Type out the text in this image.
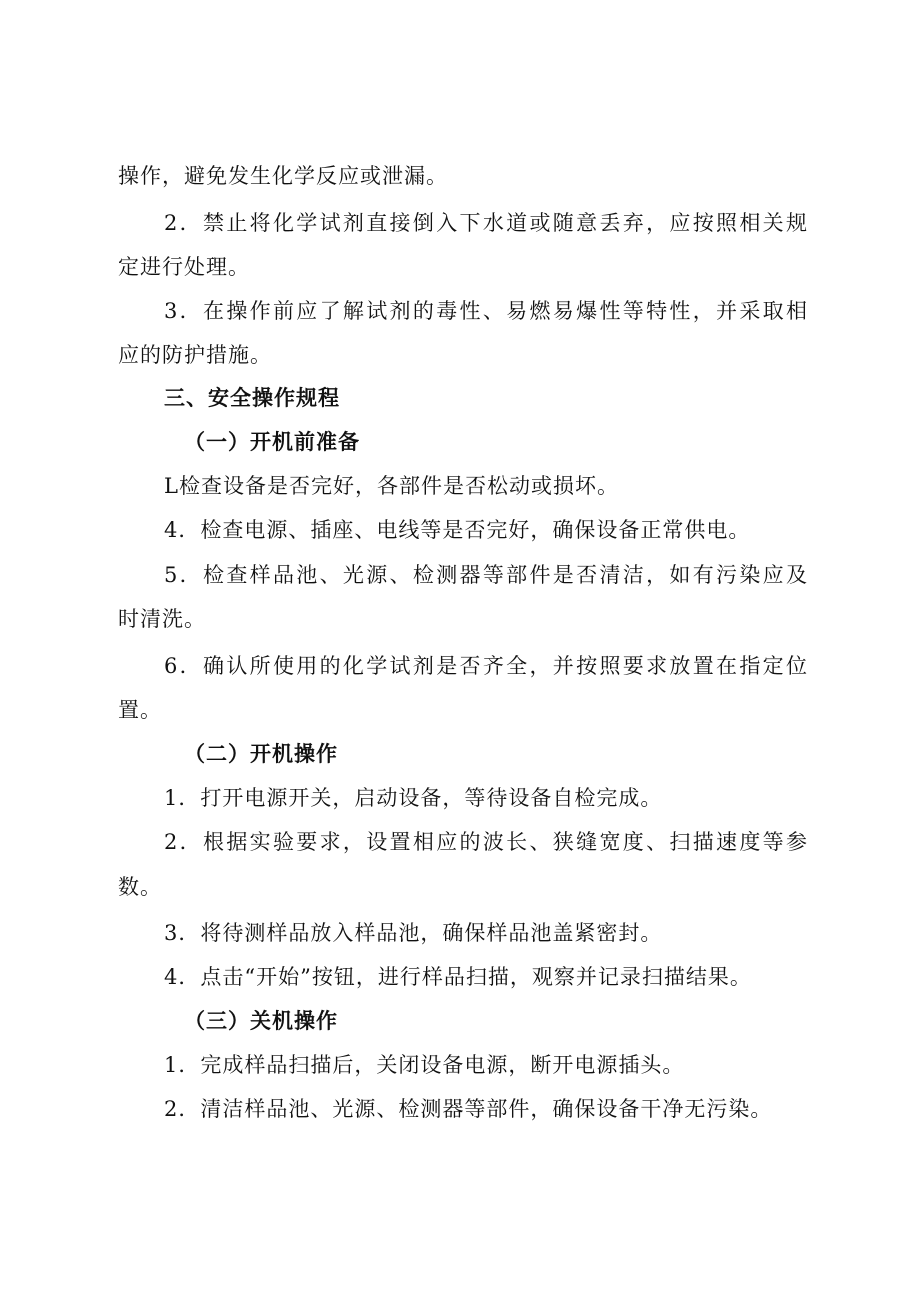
操作，避免发生化学反应或泄漏。
2．禁止将化学试剂直接倒入下水道或随意丢弃，应按照相关规
定进行处理。
3．在操作前应了解试剂的毒性、易燃易爆性等特性，并采取相
应的防护措施。
三、安全操作规程
（一）开机前准备
L检查设备是否完好，各部件是否松动或损坏。
4．检查电源、插座、电线等是否完好，确保设备正常供电。
5．检查样品池、光源、检测器等部件是否清洁，如有污染应及
时清洗。
6．确认所使用的化学试剂是否齐全，并按照要求放置在指定位
置。
（二）开机操作
1．打开电源开关，启动设备，等待设备自检完成。
2．根据实验要求，设置相应的波长、狭缝宽度、扫描速度等参
数。
3．将待测样品放入样品池，确保样品池盖紧密封。
4．点击“开始”按钮，进行样品扫描，观察并记录扫描结果。
（三）关机操作
1．完成样品扫描后，关闭设备电源，断开电源插头。
2．清洁样品池、光源、检测器等部件，确保设备干净无污染。
